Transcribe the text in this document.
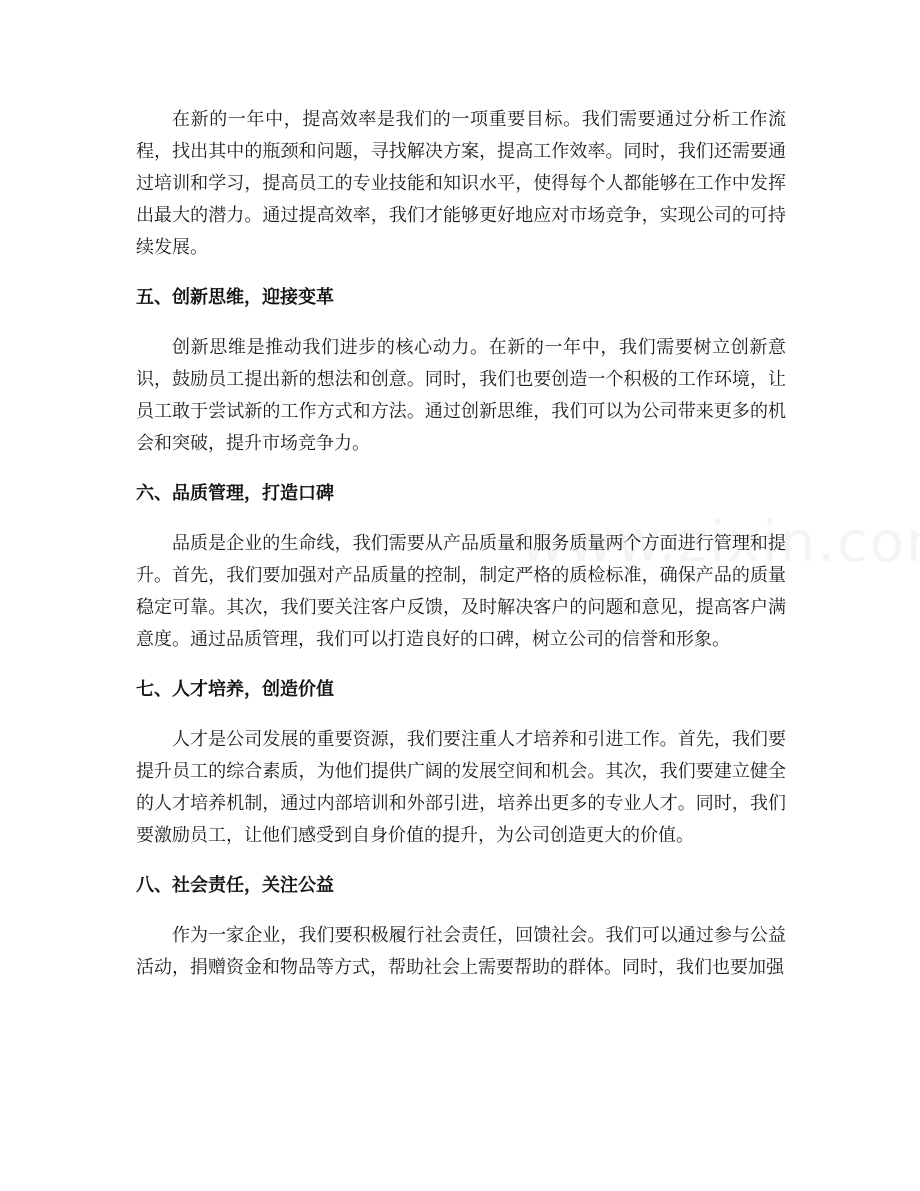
在新的一年中，提高效率是我们的一项重要目标。我们需要通过分析工作流程，找出其中的瓶颈和问题，寻找解决方案，提高工作效率。同时，我们还需要通过培训和学习，提高员工的专业技能和知识水平，使得每个人都能够在工作中发挥出最大的潜力。通过提高效率，我们才能够更好地应对市场竞争，实现公司的可持续发展。

五、创新思维，迎接变革

创新思维是推动我们进步的核心动力。在新的一年中，我们需要树立创新意识，鼓励员工提出新的想法和创意。同时，我们也要创造一个积极的工作环境，让员工敢于尝试新的工作方式和方法。通过创新思维，我们可以为公司带来更多的机会和突破，提升市场竞争力。

六、品质管理，打造口碑

品质是企业的生命线，我们需要从产品质量和服务质量两个方面进行管理和提升。首先，我们要加强对产品质量的控制，制定严格的质检标准，确保产品的质量稳定可靠。其次，我们要关注客户反馈，及时解决客户的问题和意见，提高客户满意度。通过品质管理，我们可以打造良好的口碑，树立公司的信誉和形象。

七、人才培养，创造价值

人才是公司发展的重要资源，我们要注重人才培养和引进工作。首先，我们要提升员工的综合素质，为他们提供广阔的发展空间和机会。其次，我们要建立健全的人才培养机制，通过内部培训和外部引进，培养出更多的专业人才。同时，我们要激励员工，让他们感受到自身价值的提升，为公司创造更大的价值。

八、社会责任，关注公益

作为一家企业，我们要积极履行社会责任，回馈社会。我们可以通过参与公益活动，捐赠资金和物品等方式，帮助社会上需要帮助的群体。同时，我们也要加强
